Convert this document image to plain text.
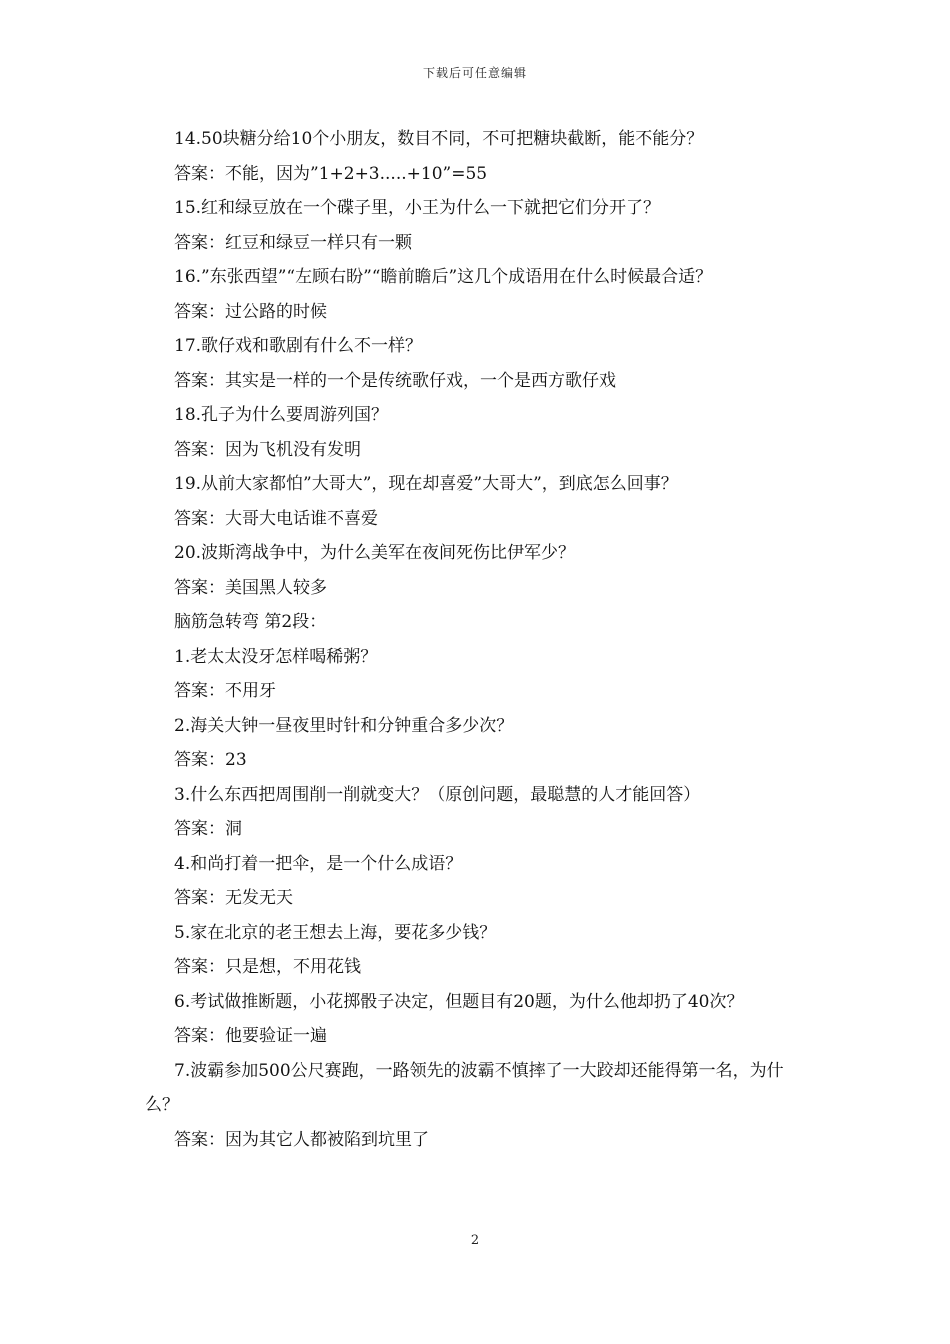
下载后可任意编辑

14.50块糖分给10个小朋友，数目不同，不可把糖块截断，能不能分？

答案：不能，因为”1+2+3.....+10”=55

15.红和绿豆放在一个碟子里，小王为什么一下就把它们分开了？

答案：红豆和绿豆一样只有一颗

16.”东张西望”“左顾右盼”“瞻前瞻后”这几个成语用在什么时候最合适？

答案：过公路的时候

17.歌仔戏和歌剧有什么不一样？

答案：其实是一样的一个是传统歌仔戏，一个是西方歌仔戏

18.孔子为什么要周游列国？

答案：因为飞机没有发明

19.从前大家都怕”大哥大”，现在却喜爱”大哥大”，到底怎么回事？

答案：大哥大电话谁不喜爱

20.波斯湾战争中，为什么美军在夜间死伤比伊军少？

答案：美国黑人较多

脑筋急转弯 第2段：

1.老太太没牙怎样喝稀粥？

答案：不用牙

2.海关大钟一昼夜里时针和分钟重合多少次？

答案：23

3.什么东西把周围削一削就变大？（原创问题，最聪慧的人才能回答）

答案：洞

4.和尚打着一把伞，是一个什么成语？

答案：无发无天

5.家在北京的老王想去上海，要花多少钱？

答案：只是想，不用花钱

6.考试做推断题，小花掷骰子决定，但题目有20题，为什么他却扔了40次？

答案：他要验证一遍

7.波霸参加500公尺赛跑，一路领先的波霸不慎摔了一大跤却还能得第一名，为什么？

答案：因为其它人都被陷到坑里了

2
